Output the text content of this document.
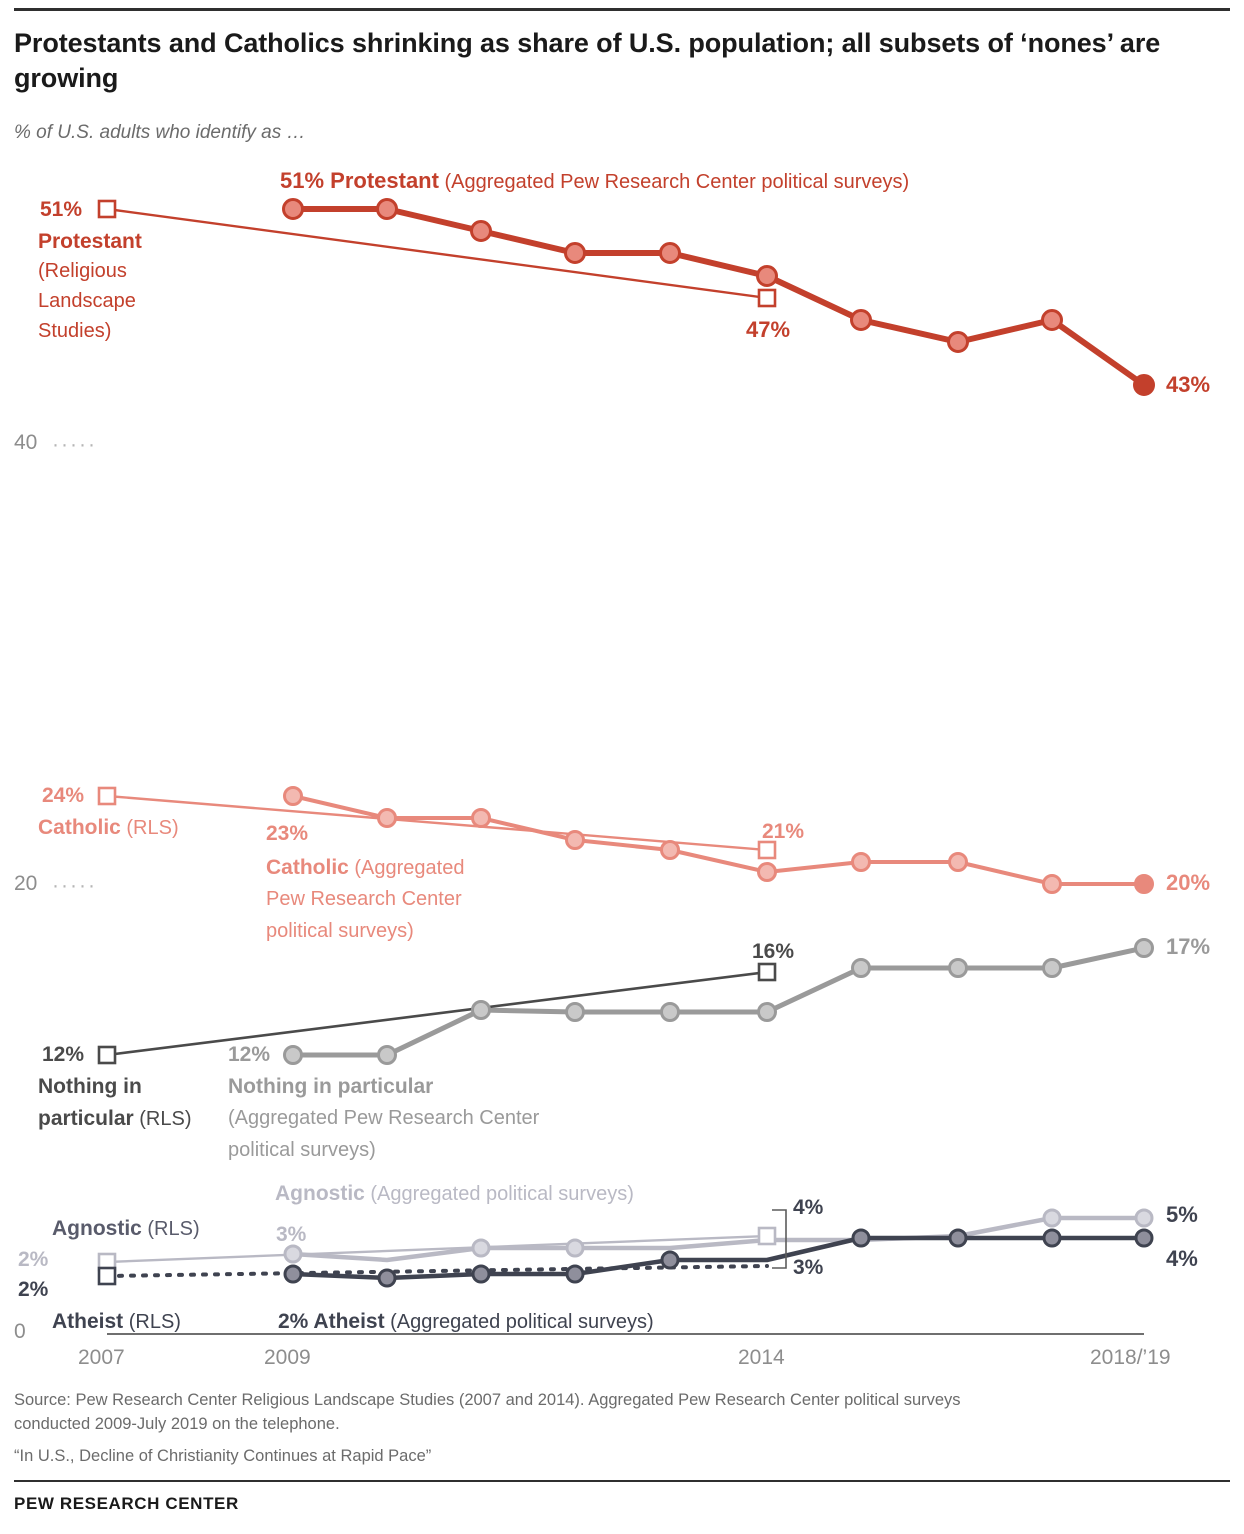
Protestants and Catholics shrinking as share of U.S. population; all subsets of ‘nones’ are growing
% of U.S. adults who identify as …
51%
Protestant
(Religious
Landscape
Studies)
51% Protestant (Aggregated Pew Research Center political surveys)
47%
43%
40 ·····
24%
Catholic (RLS)	23%
Catholic (Aggregated
Pew Research Center
political surveys)
21%
20%
20 ·····
12%
Nothing in
particular (RLS)
16%
12%
Nothing in particular
(Aggregated Pew Research Center
political surveys)
17%
Agnostic (Aggregated political surveys)
3%
Agnostic (RLS)
2%
2%
Atheist (RLS)	2% Atheist (Aggregated political surveys)
4%
3%
5%
4%
0
2007	2009	2014	2018/’19
Source: Pew Research Center Religious Landscape Studies (2007 and 2014). Aggregated Pew Research Center political surveys
conducted 2009-July 2019 on the telephone.
“In U.S., Decline of Christianity Continues at Rapid Pace”
PEW RESEARCH CENTER
